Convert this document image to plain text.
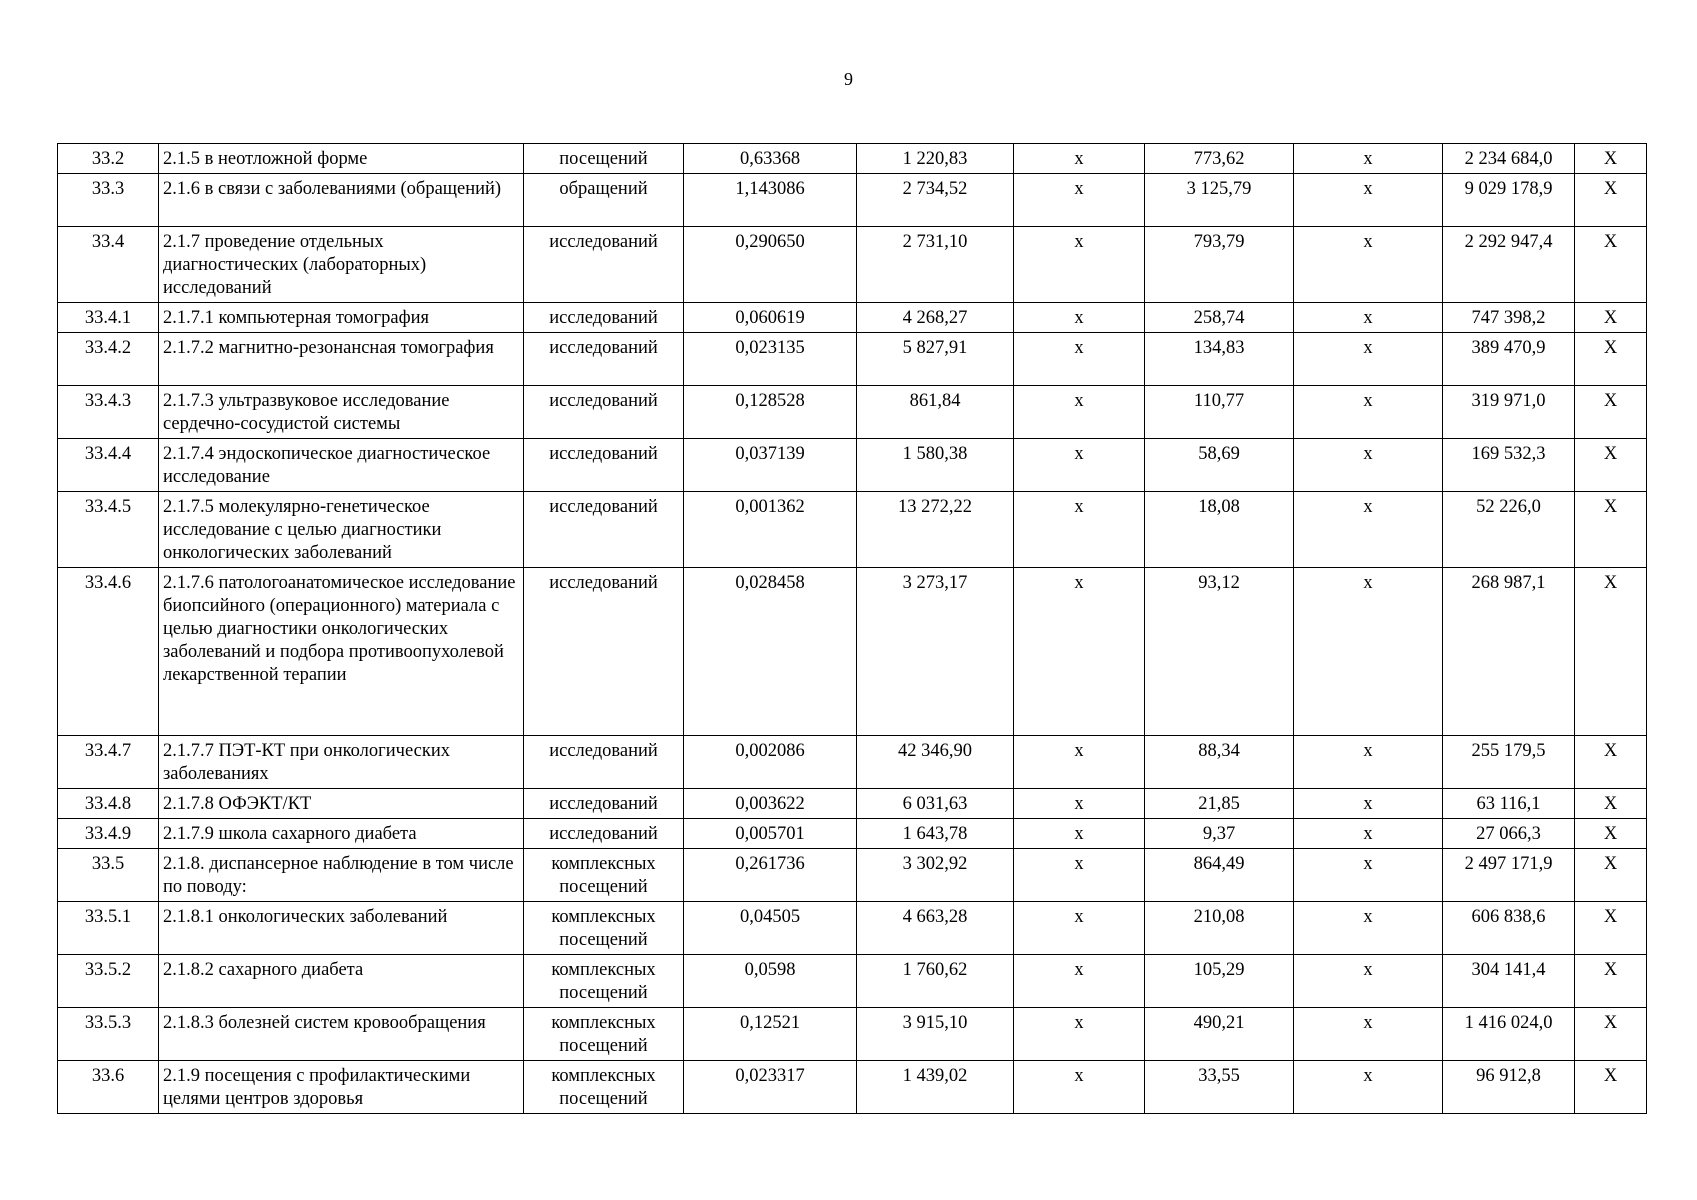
9
33.2	2.1.5 в неотложной форме	посещений	0,63368	1 220,83	х	773,62	х	2 234 684,0	X
33.3	2.1.6 в связи с заболеваниями (обращений)	обращений	1,143086	2 734,52	х	3 125,79	х	9 029 178,9	X
33.4	2.1.7 проведение отдельных диагностических (лабораторных) исследований	исследований	0,290650	2 731,10	х	793,79	х	2 292 947,4	X
33.4.1	2.1.7.1 компьютерная томография	исследований	0,060619	4 268,27	х	258,74	х	747 398,2	X
33.4.2	2.1.7.2 магнитно-резонансная томография	исследований	0,023135	5 827,91	х	134,83	х	389 470,9	X
33.4.3	2.1.7.3 ультразвуковое исследование сердечно-сосудистой системы	исследований	0,128528	861,84	х	110,77	х	319 971,0	X
33.4.4	2.1.7.4 эндоскопическое диагностическое исследование	исследований	0,037139	1 580,38	х	58,69	х	169 532,3	X
33.4.5	2.1.7.5 молекулярно-генетическое исследование с целью диагностики онкологических заболеваний	исследований	0,001362	13 272,22	х	18,08	х	52 226,0	X
33.4.6	2.1.7.6 патологоанатомическое исследование биопсийного (операционного) материала с целью диагностики онкологических заболеваний и подбора противоопухолевой лекарственной терапии	исследований	0,028458	3 273,17	х	93,12	х	268 987,1	X
33.4.7	2.1.7.7 ПЭТ-КТ при онкологических заболеваниях	исследований	0,002086	42 346,90	х	88,34	х	255 179,5	X
33.4.8	2.1.7.8 ОФЭКТ/КТ	исследований	0,003622	6 031,63	х	21,85	х	63 116,1	X
33.4.9	2.1.7.9 школа сахарного диабета	исследований	0,005701	1 643,78	х	9,37	х	27 066,3	X
33.5	2.1.8. диспансерное наблюдение в том числе по поводу:	комплексных посещений	0,261736	3 302,92	х	864,49	х	2 497 171,9	X
33.5.1	2.1.8.1 онкологических заболеваний	комплексных посещений	0,04505	4 663,28	х	210,08	х	606 838,6	X
33.5.2	2.1.8.2 сахарного диабета	комплексных посещений	0,0598	1 760,62	х	105,29	х	304 141,4	X
33.5.3	2.1.8.3 болезней систем кровообращения	комплексных посещений	0,12521	3 915,10	х	490,21	х	1 416 024,0	X
33.6	2.1.9 посещения с профилактическими целями центров здоровья	комплексных посещений	0,023317	1 439,02	х	33,55	х	96 912,8	X
